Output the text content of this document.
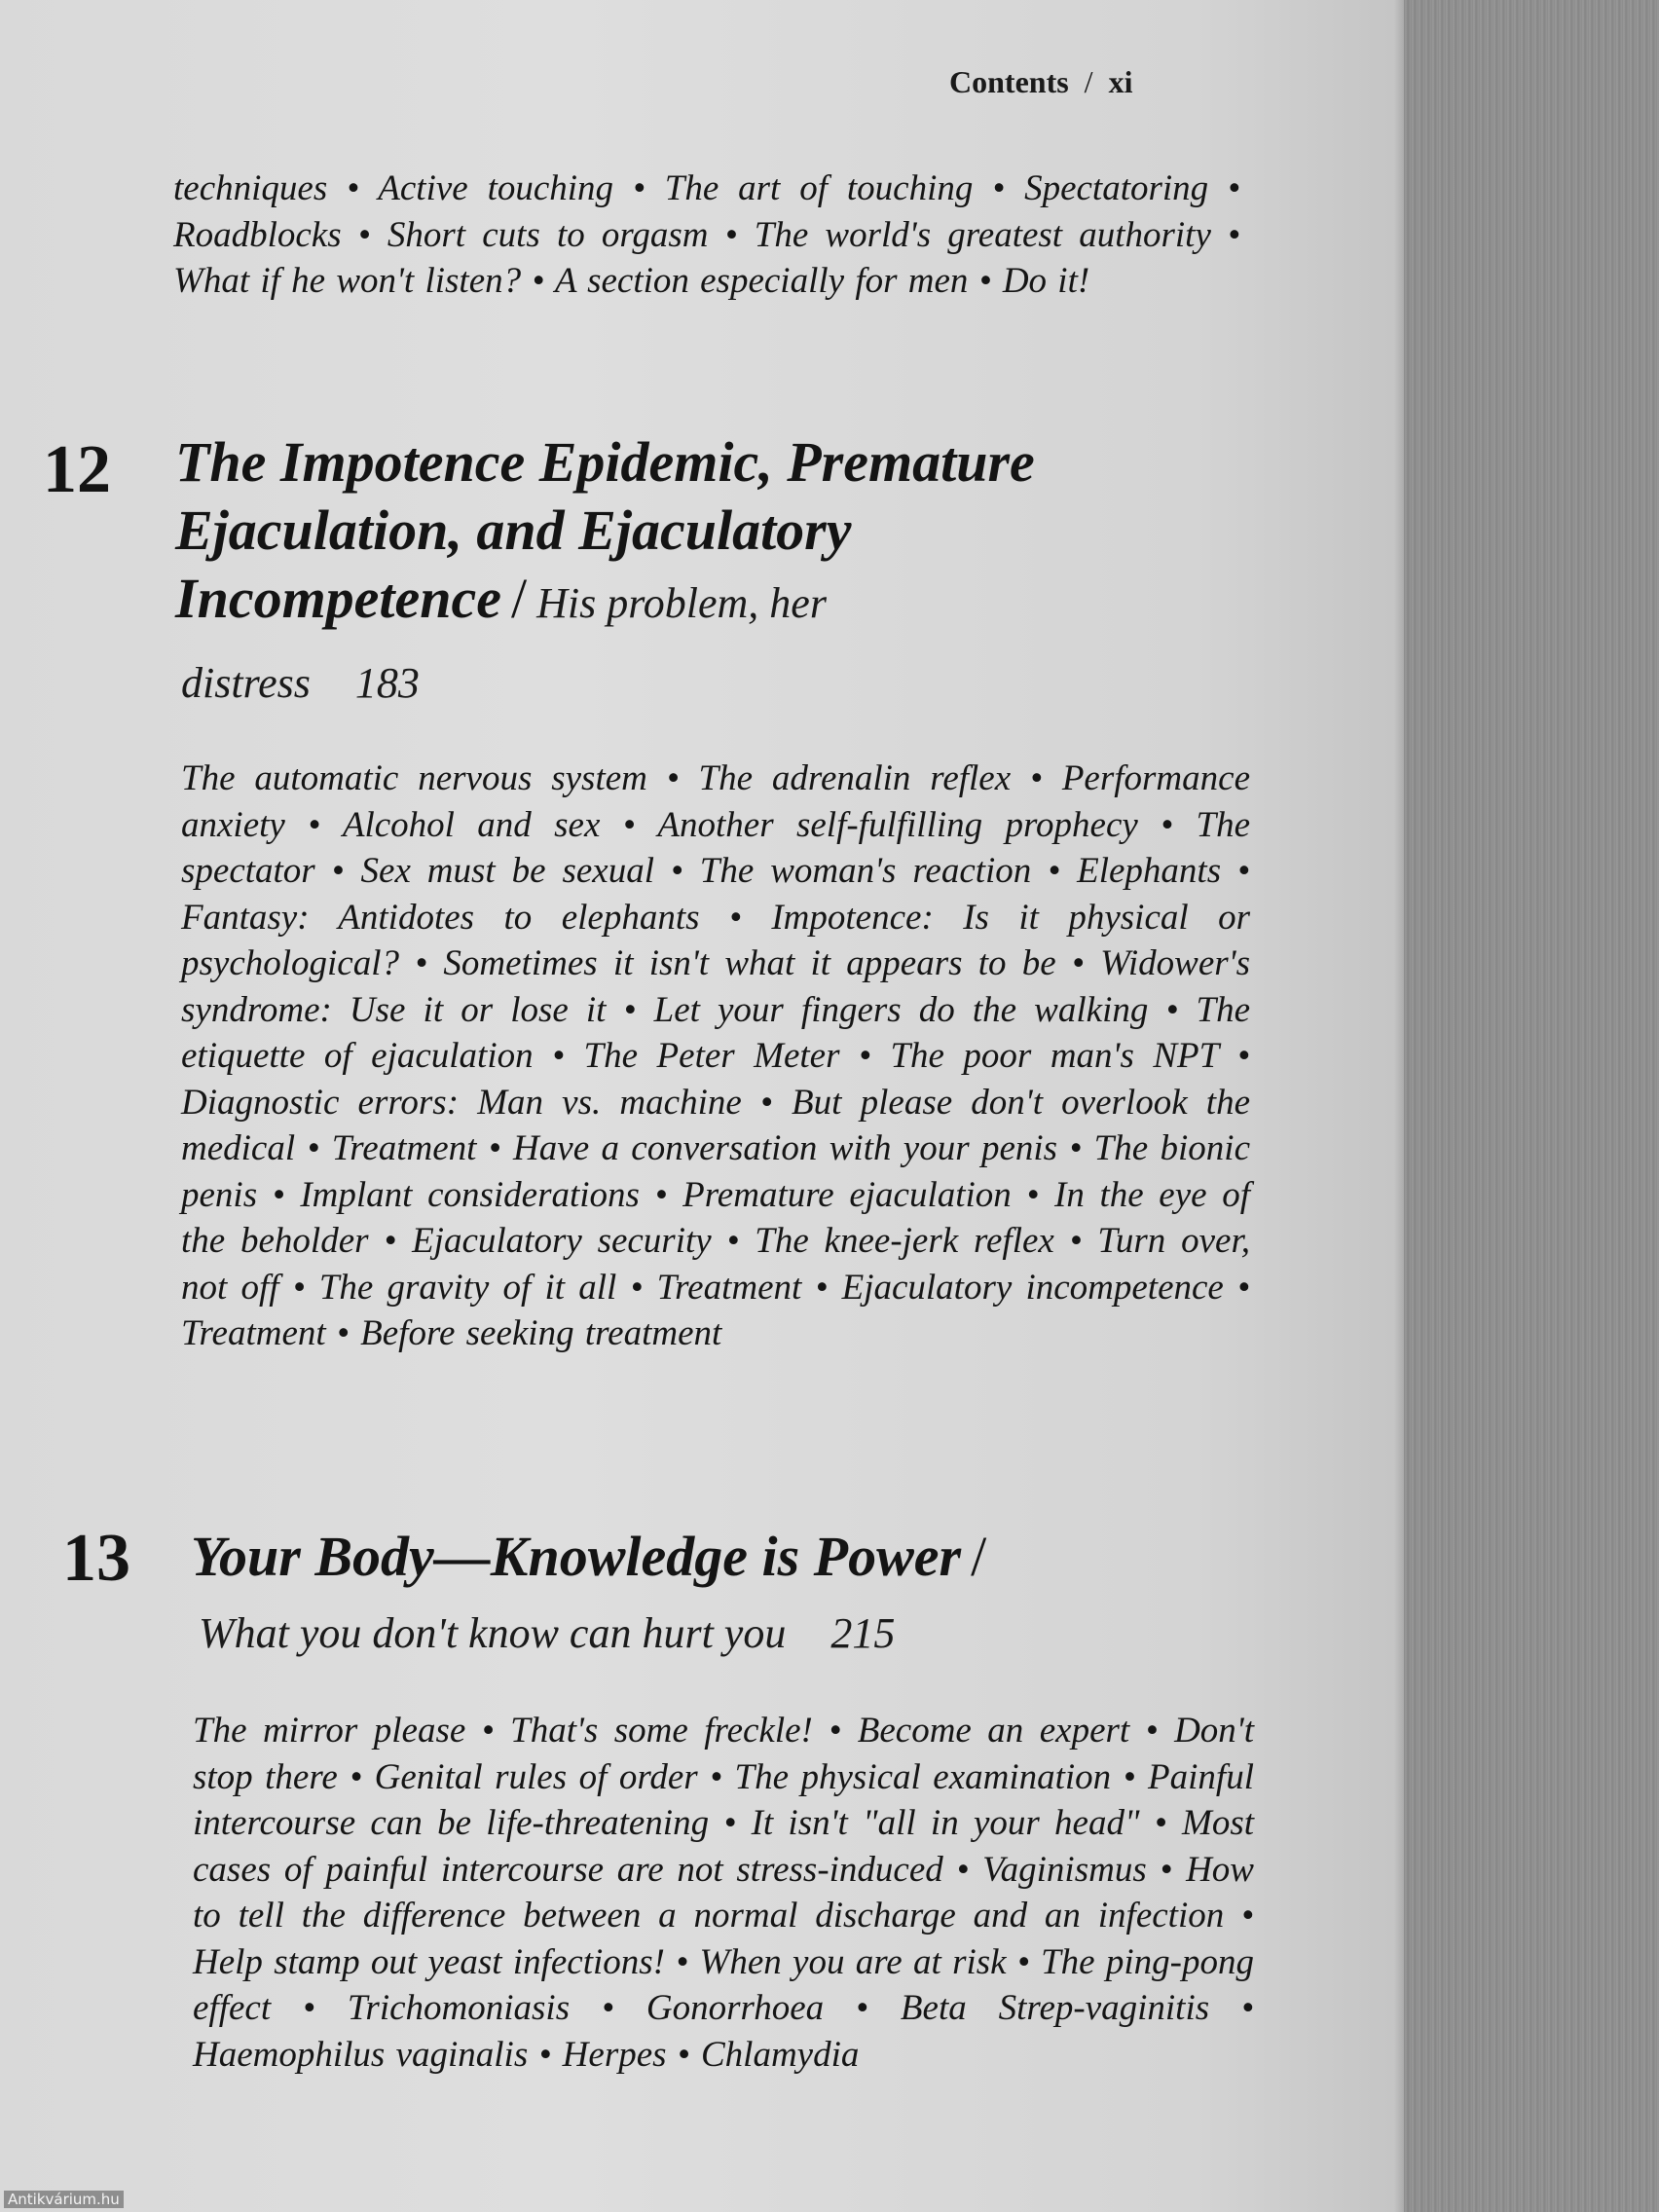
Contents / xi
techniques • Active touching • The art of touching • Spectatoring • Roadblocks • Short cuts to orgasm • The world's greatest authority • What if he won't listen? • A section especially for men • Do it!
12 The Impotence Epidemic, Premature Ejaculation, and Ejaculatory Incompetence / His problem, her
distress 183
The automatic nervous system • The adrenalin reflex • Performance anxiety • Alcohol and sex • Another self-fulfilling prophecy • The spectator • Sex must be sexual • The woman's reaction • Elephants • Fantasy: Antidotes to elephants • Impotence: Is it physical or psychological? • Sometimes it isn't what it appears to be • Widower's syndrome: Use it or lose it • Let your fingers do the walking • The etiquette of ejaculation • The Peter Meter • The poor man's NPT • Diagnostic errors: Man vs. machine • But please don't overlook the medical • Treatment • Have a conversation with your penis • The bionic penis • Implant considerations • Premature ejaculation • In the eye of the beholder • Ejaculatory security • The knee-jerk reflex • Turn over, not off • The gravity of it all • Treatment • Ejaculatory incompetence • Treatment • Before seeking treatment
13 Your Body—Knowledge is Power /
What you don't know can hurt you 215
The mirror please • That's some freckle! • Become an expert • Don't stop there • Genital rules of order • The physical examination • Painful intercourse can be life-threatening • It isn't "all in your head" • Most cases of painful intercourse are not stress-induced • Vaginismus • How to tell the difference between a normal discharge and an infection • Help stamp out yeast infections! • When you are at risk • The ping-pong effect • Trichomoniasis • Gonorrhoea • Beta Strep-vaginitis • Haemophilus vaginalis • Herpes • Chlamydia
Antikvárium.hu
